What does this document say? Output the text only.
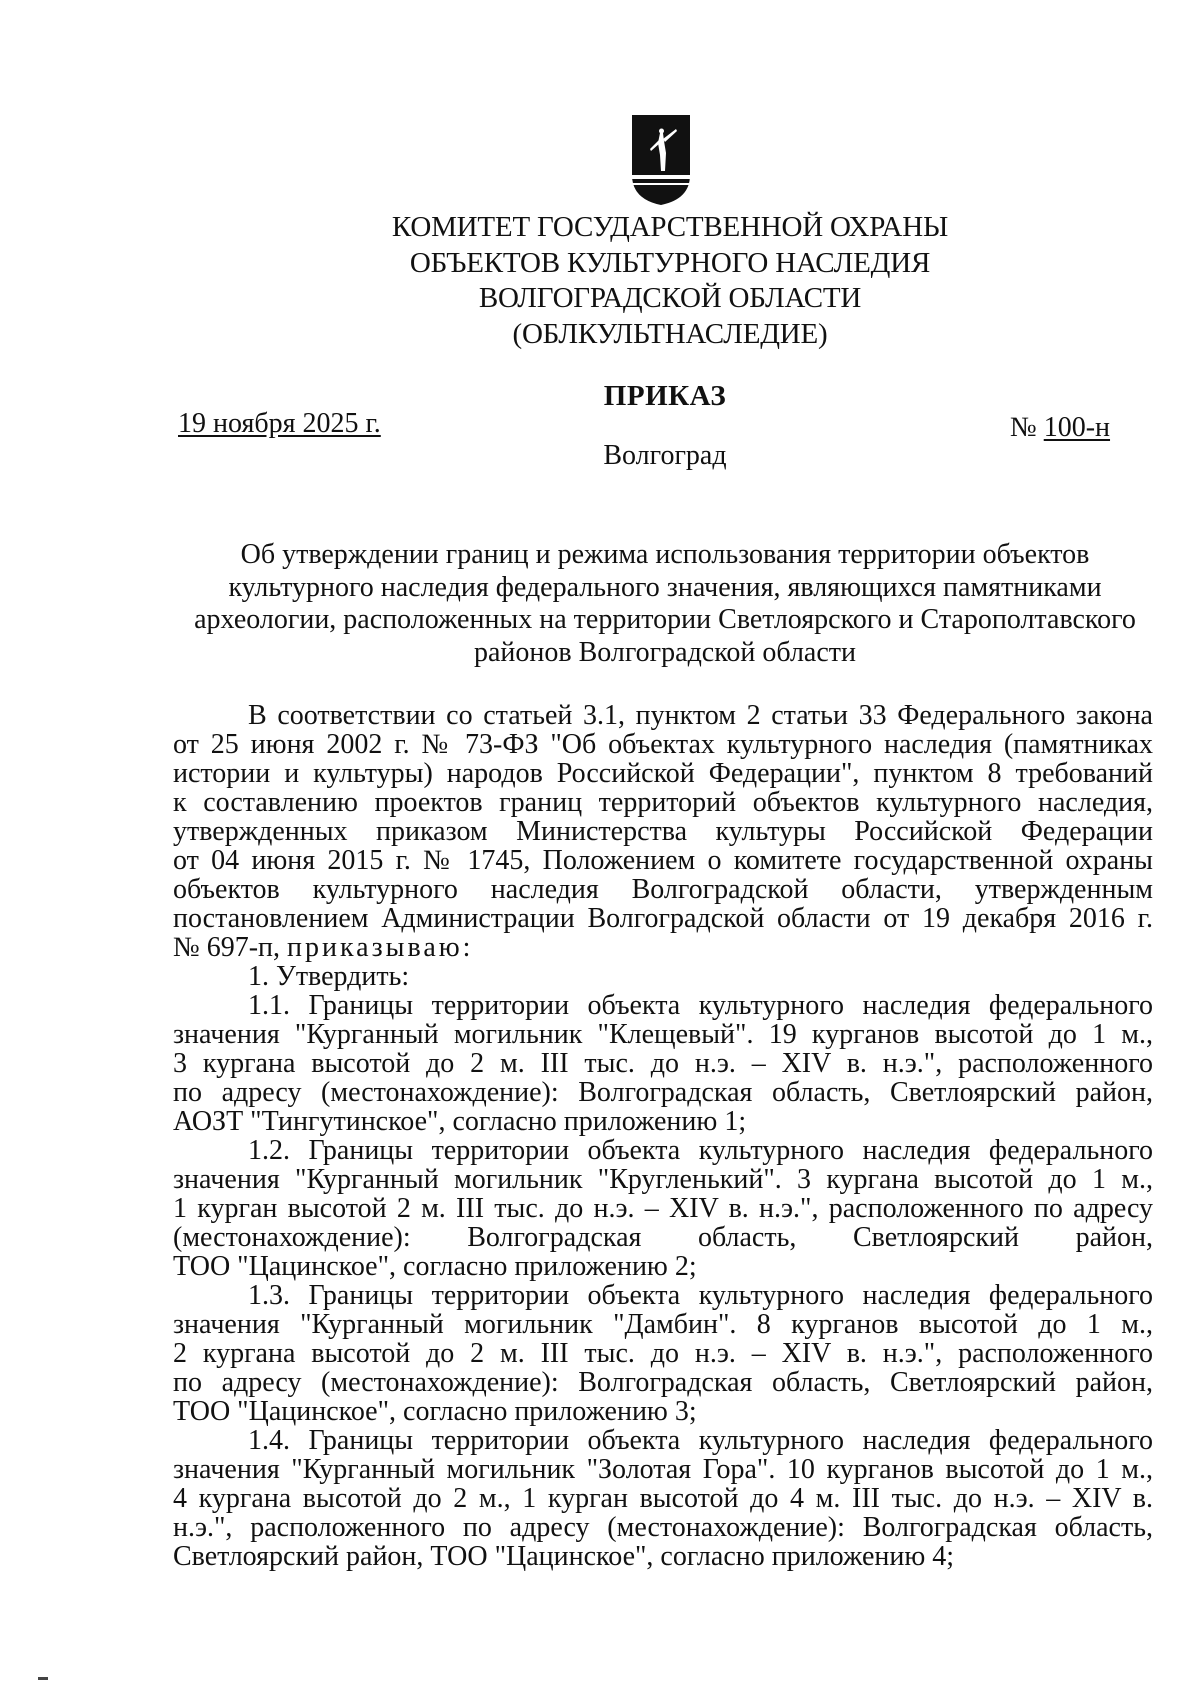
КОМИТЕТ ГОСУДАРСТВЕННОЙ ОХРАНЫ
ОБЪЕКТОВ КУЛЬТУРНОГО НАСЛЕДИЯ
ВОЛГОГРАДСКОЙ ОБЛАСТИ
(ОБЛКУЛЬТНАСЛЕДИЕ)
ПРИКАЗ
19 ноября 2025 г.	№ 100-н
Волгоград
Об утверждении границ и режима использования территории объектов
культурного наследия федерального значения, являющихся памятниками
археологии, расположенных на территории Светлоярского и Старополтавского
районов Волгоградской области
В соответствии со статьей 3.1, пунктом 2 статьи 33 Федерального закона
от 25 июня 2002 г. № 73-ФЗ "Об объектах культурного наследия (памятниках
истории и культуры) народов Российской Федерации", пунктом 8 требований
к составлению проектов границ территорий объектов культурного наследия,
утвержденных приказом Министерства культуры Российской Федерации
от 04 июня 2015 г. № 1745, Положением о комитете государственной охраны
объектов культурного наследия Волгоградской области, утвержденным
постановлением Администрации Волгоградской области от 19 декабря 2016 г.
№ 697-п, приказываю:
1. Утвердить:
1.1. Границы территории объекта культурного наследия федерального
значения "Курганный могильник "Клещевый". 19 курганов высотой до 1 м.,
3 кургана высотой до 2 м. III тыс. до н.э. – XIV в. н.э.", расположенного
по адресу (местонахождение): Волгоградская область, Светлоярский район,
АОЗТ "Тингутинское", согласно приложению 1;
1.2. Границы территории объекта культурного наследия федерального
значения "Курганный могильник "Кругленький". 3 кургана высотой до 1 м.,
1 курган высотой 2 м. III тыс. до н.э. – XIV в. н.э.", расположенного по адресу
(местонахождение): Волгоградская область, Светлоярский район,
ТОО "Цацинское", согласно приложению 2;
1.3. Границы территории объекта культурного наследия федерального
значения "Курганный могильник "Дамбин". 8 курганов высотой до 1 м.,
2 кургана высотой до 2 м. III тыс. до н.э. – XIV в. н.э.", расположенного
по адресу (местонахождение): Волгоградская область, Светлоярский район,
ТОО "Цацинское", согласно приложению 3;
1.4. Границы территории объекта культурного наследия федерального
значения "Курганный могильник "Золотая Гора". 10 курганов высотой до 1 м.,
4 кургана высотой до 2 м., 1 курган высотой до 4 м. III тыс. до н.э. – XIV в.
н.э.", расположенного по адресу (местонахождение): Волгоградская область,
Светлоярский район, ТОО "Цацинское", согласно приложению 4;
